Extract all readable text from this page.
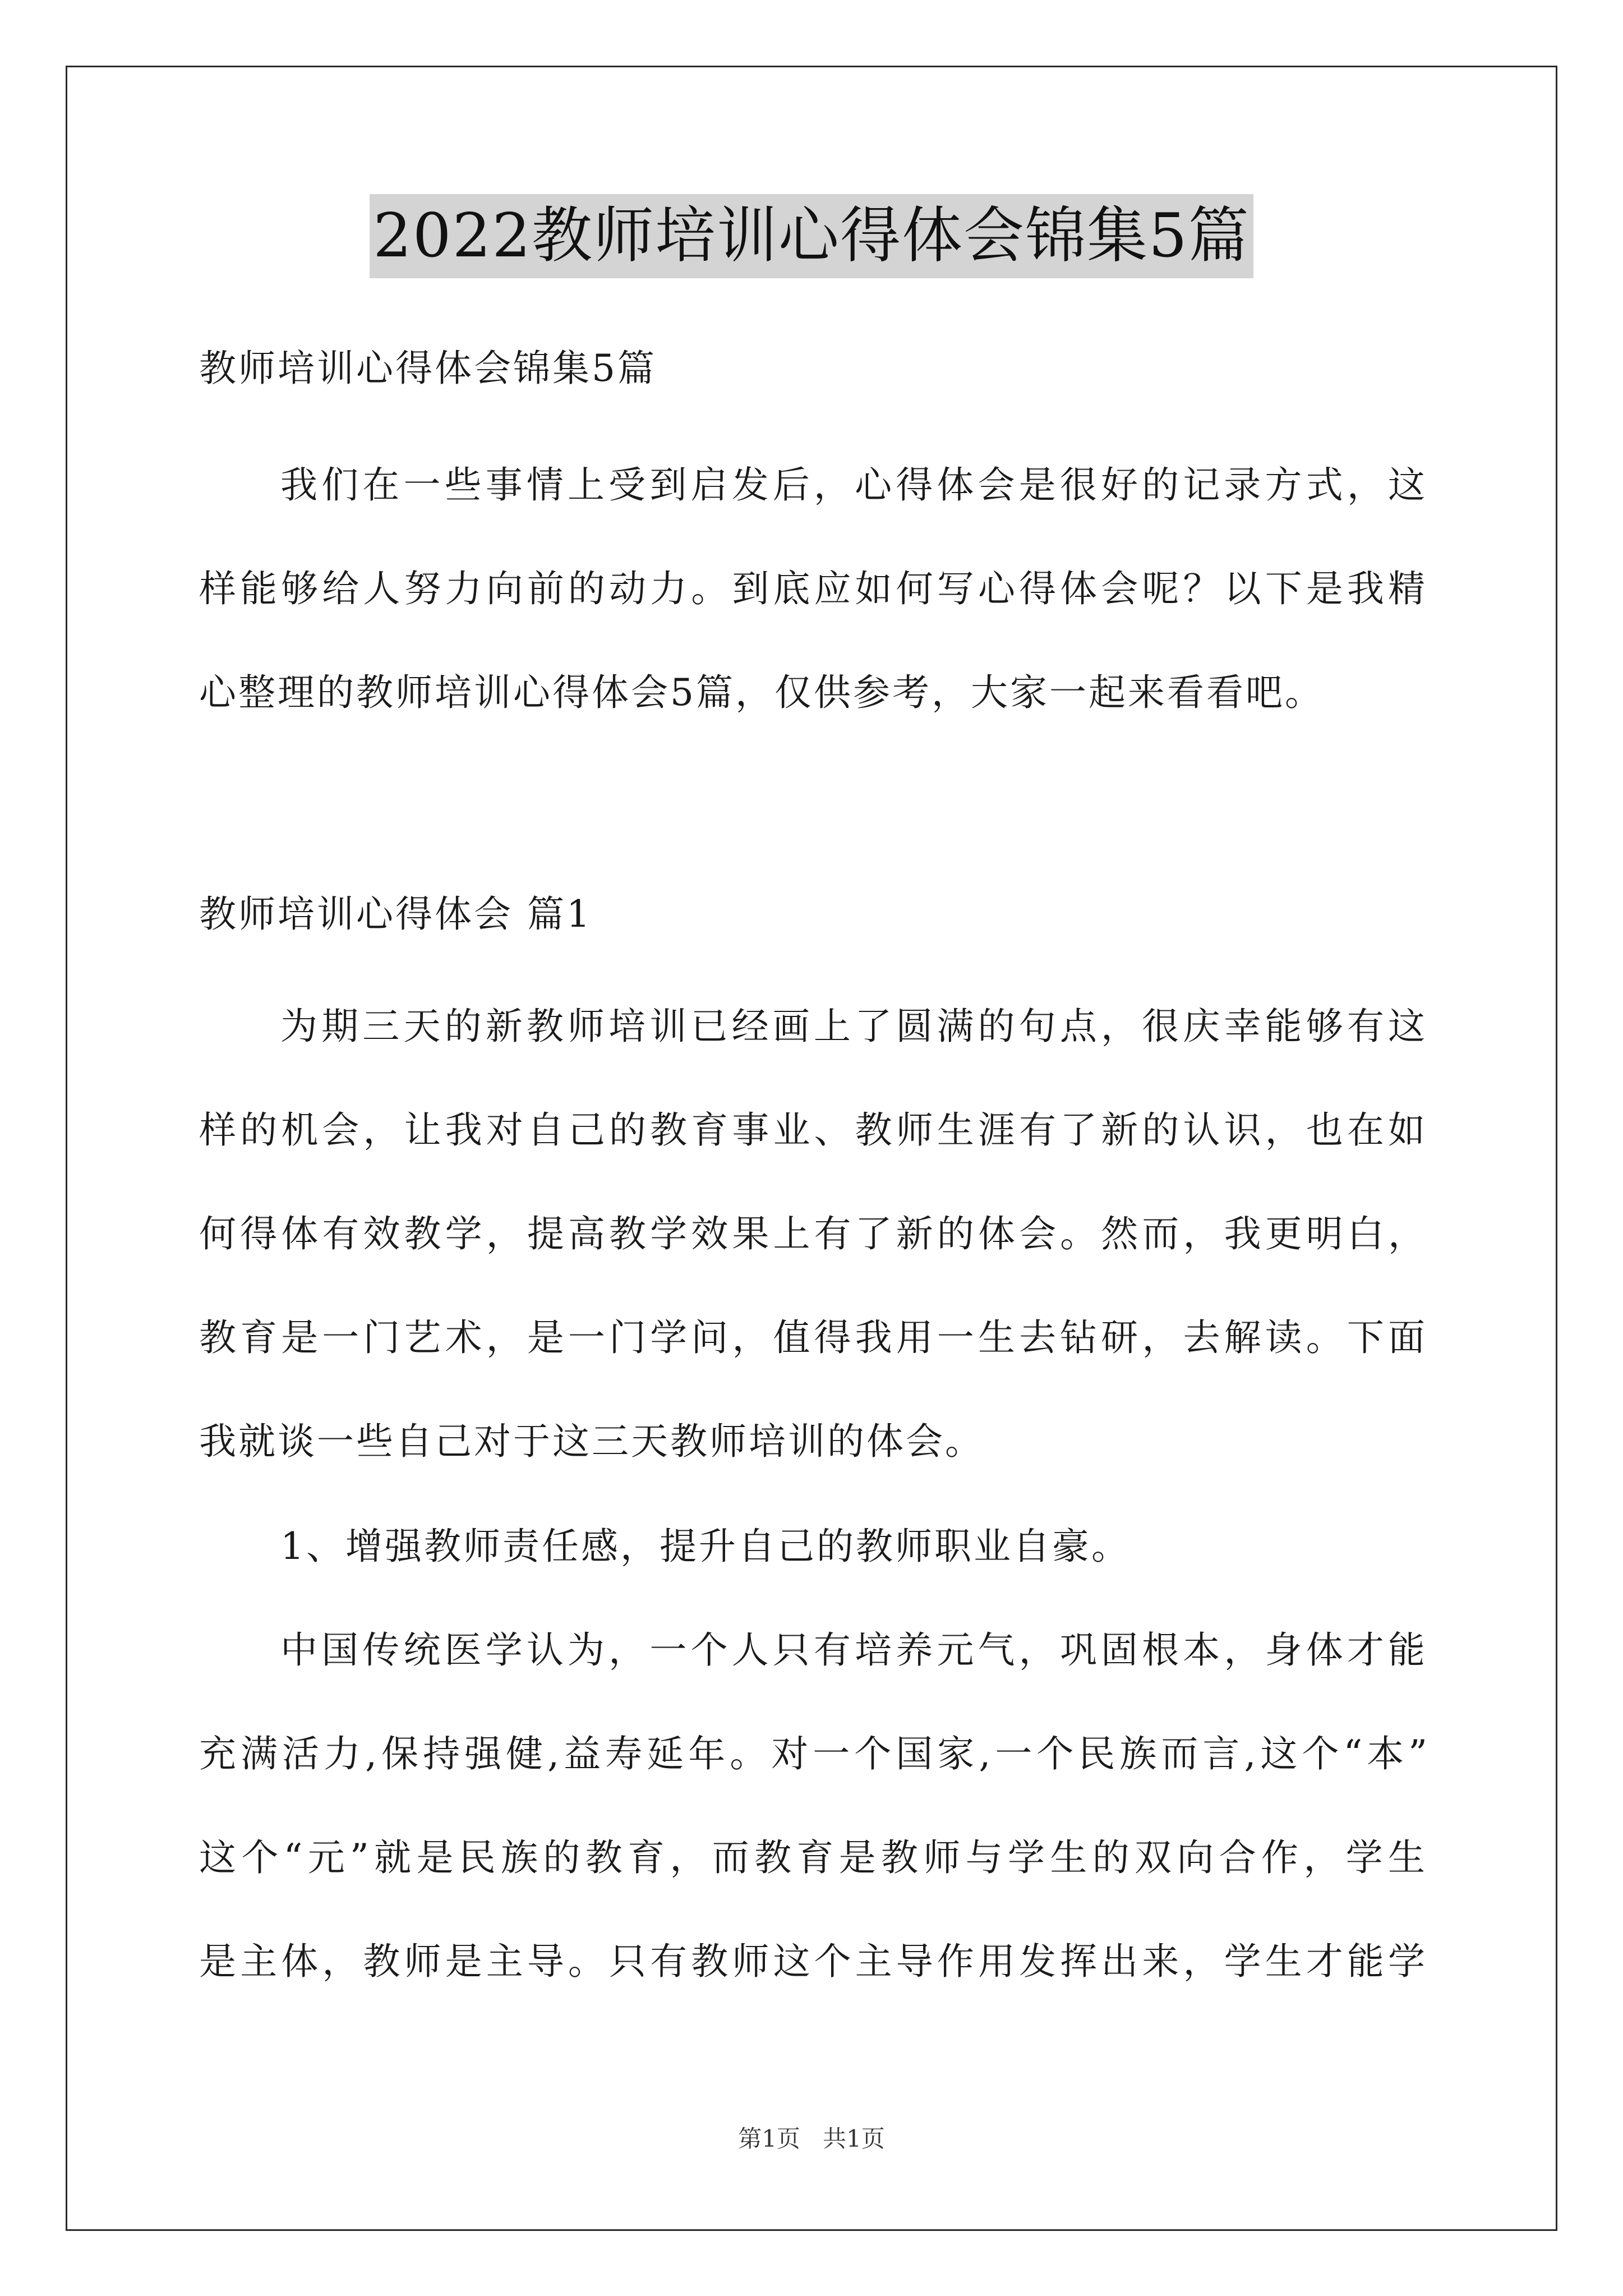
2022教师培训心得体会锦集5篇
教师培训心得体会锦集5篇
我们在一些事情上受到启发后，心得体会是很好的记录方式，这
样能够给人努力向前的动力。到底应如何写心得体会呢？以下是我精
心整理的教师培训心得体会5篇，仅供参考，大家一起来看看吧。
教师培训心得体会 篇1
为期三天的新教师培训已经画上了圆满的句点，很庆幸能够有这
样的机会，让我对自己的教育事业、教师生涯有了新的认识，也在如
何得体有效教学，提高教学效果上有了新的体会。然而，我更明白，
教育是一门艺术，是一门学问，值得我用一生去钻研，去解读。下面
我就谈一些自己对于这三天教师培训的体会。
1、增强教师责任感，提升自己的教师职业自豪。
中国传统医学认为，一个人只有培养元气，巩固根本，身体才能
充满活力,保持强健,益寿延年。对一个国家,一个民族而言,这个“本”
这个“元”就是民族的教育，而教育是教师与学生的双向合作，学生
是主体，教师是主导。只有教师这个主导作用发挥出来，学生才能学
第1页   共1页
